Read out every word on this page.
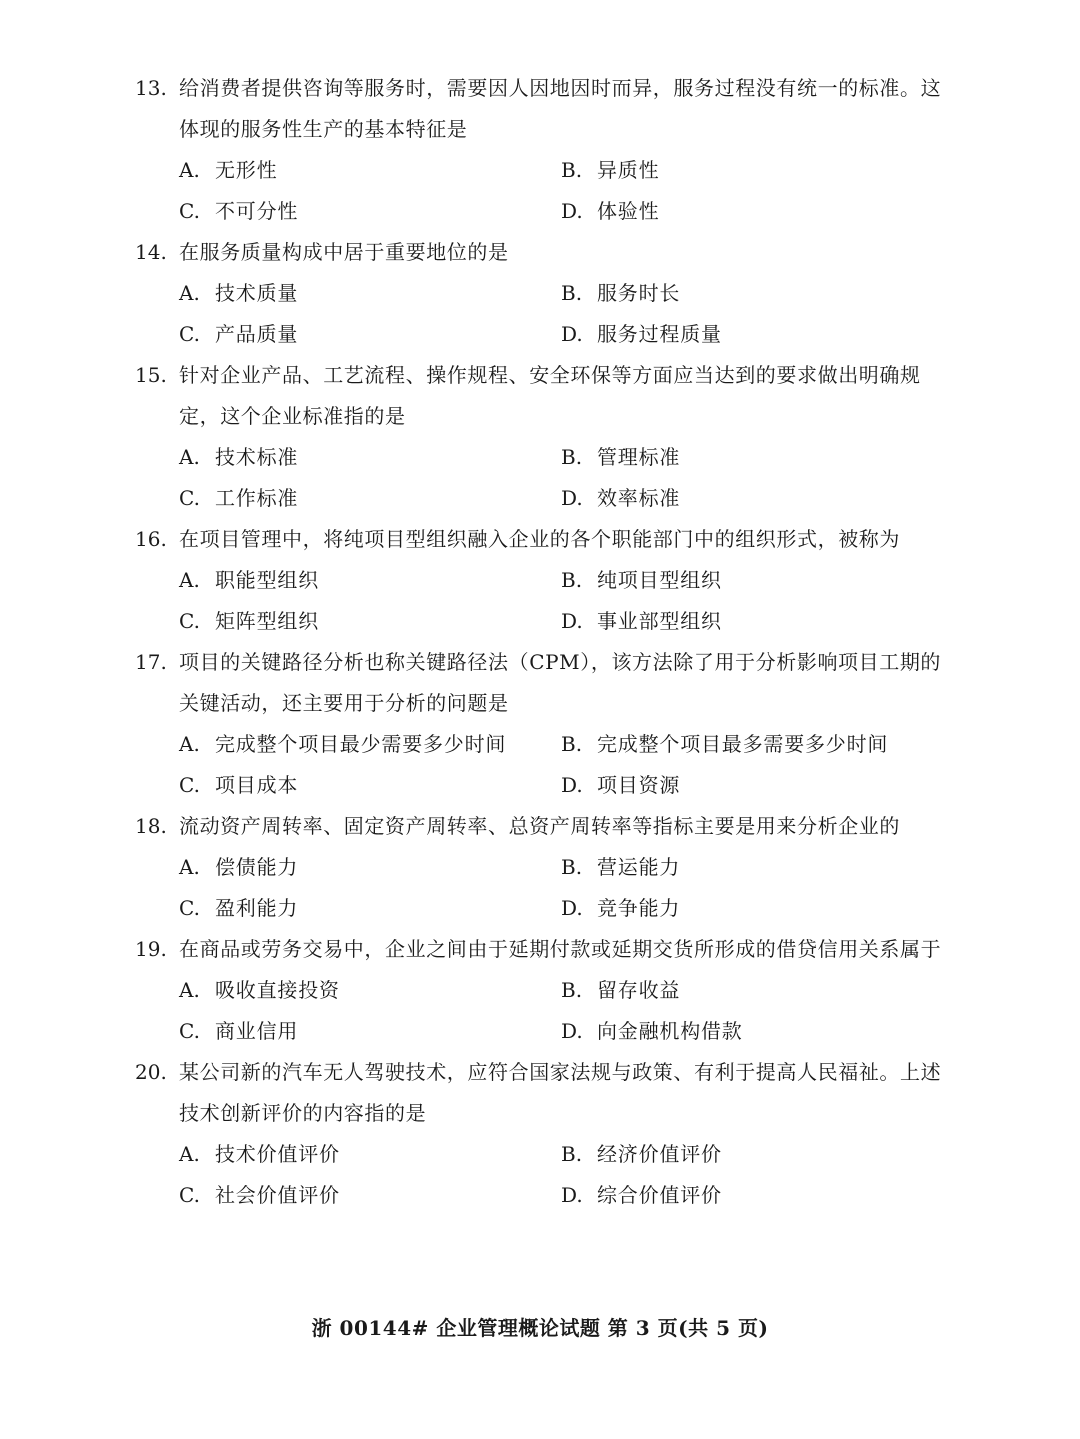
13. 给消费者提供咨询等服务时，需要因人因地因时而异，服务过程没有统一的标准。这体现的服务性生产的基本特征是
A. 无形性	B. 异质性
C. 不可分性	D. 体验性
14. 在服务质量构成中居于重要地位的是
A. 技术质量	B. 服务时长
C. 产品质量	D. 服务过程质量
15. 针对企业产品、工艺流程、操作规程、安全环保等方面应当达到的要求做出明确规定，这个企业标准指的是
A. 技术标准	B. 管理标准
C. 工作标准	D. 效率标准
16. 在项目管理中，将纯项目型组织融入企业的各个职能部门中的组织形式，被称为
A. 职能型组织	B. 纯项目型组织
C. 矩阵型组织	D. 事业部型组织
17. 项目的关键路径分析也称关键路径法（CPM），该方法除了用于分析影响项目工期的关键活动，还主要用于分析的问题是
A. 完成整个项目最少需要多少时间	B. 完成整个项目最多需要多少时间
C. 项目成本	D. 项目资源
18. 流动资产周转率、固定资产周转率、总资产周转率等指标主要是用来分析企业的
A. 偿债能力	B. 营运能力
C. 盈利能力	D. 竞争能力
19. 在商品或劳务交易中，企业之间由于延期付款或延期交货所形成的借贷信用关系属于
A. 吸收直接投资	B. 留存收益
C. 商业信用	D. 向金融机构借款
20. 某公司新的汽车无人驾驶技术，应符合国家法规与政策、有利于提高人民福祉。上述技术创新评价的内容指的是
A. 技术价值评价	B. 经济价值评价
C. 社会价值评价	D. 综合价值评价
浙 00144# 企业管理概论试题 第 3 页(共 5 页)
